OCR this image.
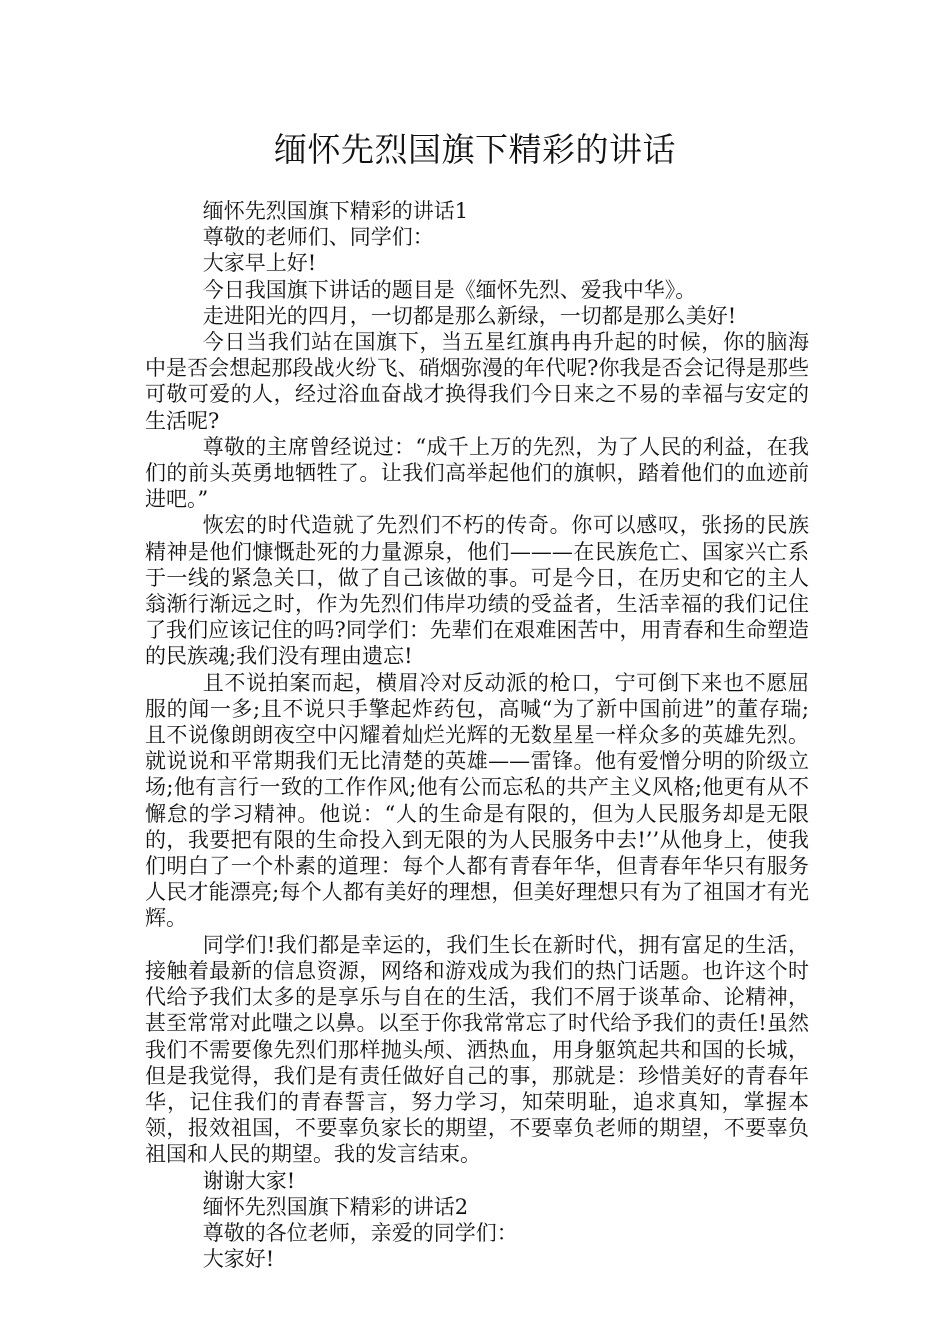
缅怀先烈国旗下精彩的讲话

缅怀先烈国旗下精彩的讲话1

尊敬的老师们、同学们：

大家早上好!

今日我国旗下讲话的题目是《缅怀先烈、爱我中华》。

走进阳光的四月，一切都是那么新绿，一切都是那么美好!

今日当我们站在国旗下，当五星红旗冉冉升起的时候，你的脑海中是否会想起那段战火纷飞、硝烟弥漫的年代呢?你我是否会记得是那些可敬可爱的人，经过浴血奋战才换得我们今日来之不易的幸福与安定的生活呢?

尊敬的主席曾经说过：“成千上万的先烈，为了人民的利益，在我们的前头英勇地牺牲了。让我们高举起他们的旗帜，踏着他们的血迹前进吧。”

恢宏的时代造就了先烈们不朽的传奇。你可以感叹，张扬的民族精神是他们慷慨赴死的力量源泉，他们———在民族危亡、国家兴亡系于一线的紧急关口，做了自己该做的事。可是今日，在历史和它的主人翁渐行渐远之时，作为先烈们伟岸功绩的受益者，生活幸福的我们记住了我们应该记住的吗?同学们：先辈们在艰难困苦中，用青春和生命塑造的民族魂;我们没有理由遗忘!

且不说拍案而起，横眉冷对反动派的枪口，宁可倒下来也不愿屈服的闻一多;且不说只手擎起炸药包，高喊“为了新中国前进”的董存瑞;且不说像朗朗夜空中闪耀着灿烂光辉的无数星星一样众多的英雄先烈。就说说和平常期我们无比清楚的英雄——雷锋。他有爱憎分明的阶级立场;他有言行一致的工作作风;他有公而忘私的共产主义风格;他更有从不懈怠的学习精神。他说：“人的生命是有限的，但为人民服务却是无限的，我要把有限的生命投入到无限的为人民服务中去!’’从他身上，使我们明白了一个朴素的道理：每个人都有青春年华，但青春年华只有服务人民才能漂亮;每个人都有美好的理想，但美好理想只有为了祖国才有光辉。

同学们!我们都是幸运的，我们生长在新时代，拥有富足的生活，接触着最新的信息资源，网络和游戏成为我们的热门话题。也许这个时代给予我们太多的是享乐与自在的生活，我们不屑于谈革命、论精神，甚至常常对此嗤之以鼻。以至于你我常常忘了时代给予我们的责任!虽然我们不需要像先烈们那样抛头颅、洒热血，用身躯筑起共和国的长城，但是我觉得，我们是有责任做好自己的事，那就是：珍惜美好的青春年华，记住我们的青春誓言，努力学习，知荣明耻，追求真知，掌握本领，报效祖国，不要辜负家长的期望，不要辜负老师的期望，不要辜负祖国和人民的期望。我的发言结束。

谢谢大家!

缅怀先烈国旗下精彩的讲话2

尊敬的各位老师，亲爱的同学们：

大家好!
